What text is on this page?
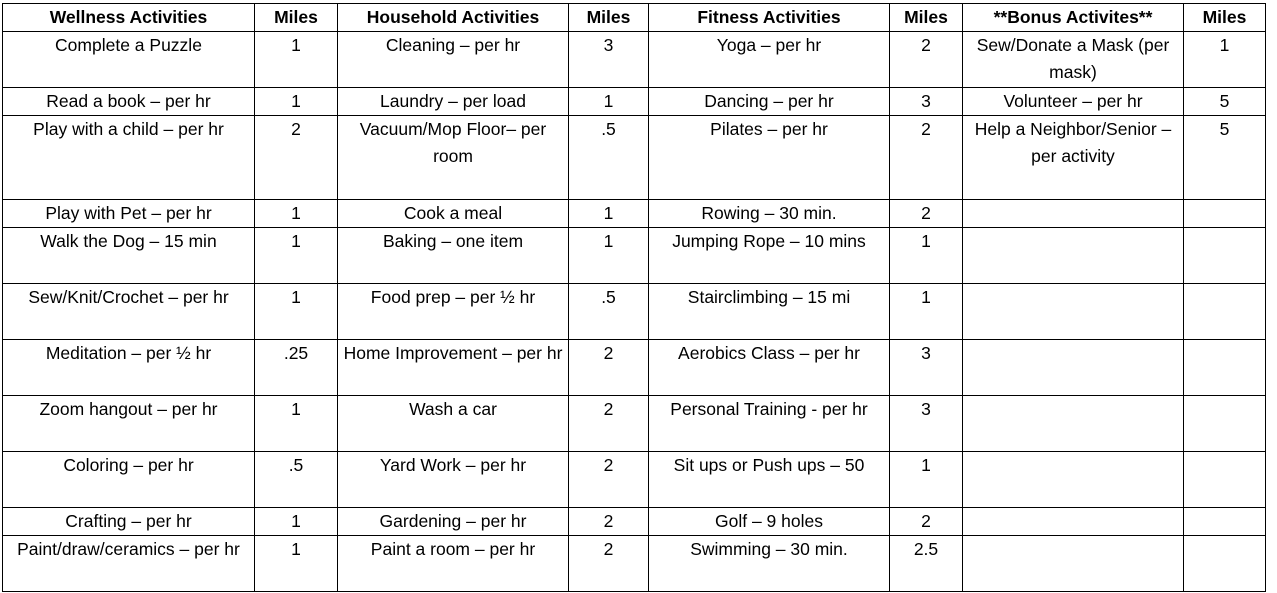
Wellness Activities	Miles	Household Activities	Miles	Fitness Activities	Miles	**Bonus Activites**	Miles
Complete a Puzzle	1	Cleaning – per hr	3	Yoga – per hr	2	Sew/Donate a Mask (per mask)	1
Read a book – per hr	1	Laundry – per load	1	Dancing – per hr	3	Volunteer – per hr	5
Play with a child – per hr	2	Vacuum/Mop Floor– per room	.5	Pilates – per hr	2	Help a Neighbor/Senior – per activity	5
Play with Pet – per hr	1	Cook a meal	1	Rowing – 30 min.	2		
Walk the Dog – 15 min	1	Baking – one item	1	Jumping Rope – 10 mins	1		
Sew/Knit/Crochet – per hr	1	Food prep – per ½ hr	.5	Stairclimbing – 15 mi	1		
Meditation – per ½ hr	.25	Home Improvement – per hr	2	Aerobics Class – per hr	3		
Zoom hangout – per hr	1	Wash a car	2	Personal Training - per hr	3		
Coloring – per hr	.5	Yard Work – per hr	2	Sit ups or Push ups – 50	1		
Crafting – per hr	1	Gardening – per hr	2	Golf – 9 holes	2		
Paint/draw/ceramics – per hr	1	Paint a room – per hr	2	Swimming – 30 min.	2.5		
